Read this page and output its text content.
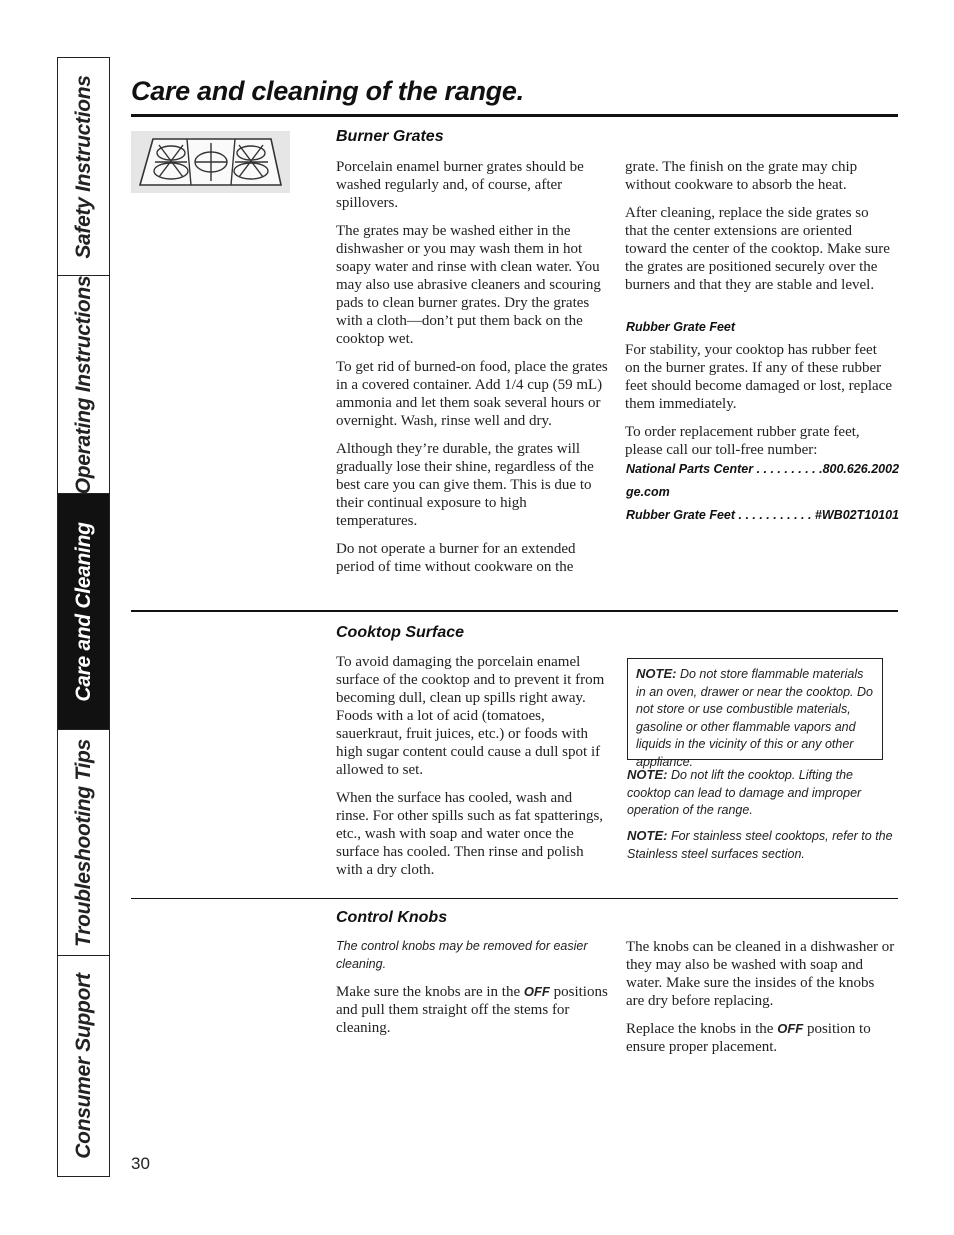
Safety Instructions
Operating Instructions
Care and Cleaning
Troubleshooting Tips
Consumer Support
Care and cleaning of the range.
Burner Grates

Porcelain enamel burner grates should be washed regularly and, of course, after spillovers.

The grates may be washed either in the dishwasher or you may wash them in hot soapy water and rinse with clean water. You may also use abrasive cleaners and scouring pads to clean burner grates. Dry the grates with a cloth—don’t put them back on the cooktop wet.

To get rid of burned-on food, place the grates in a covered container. Add 1/4 cup (59 mL) ammonia and let them soak several hours or overnight. Wash, rinse well and dry.

Although they’re durable, the grates will gradually lose their shine, regardless of the best care you can give them. This is due to their continual exposure to high temperatures.

Do not operate a burner for an extended period of time without cookware on the

grate. The finish on the grate may chip without cookware to absorb the heat.

After cleaning, replace the side grates so that the center extensions are oriented toward the center of the cooktop. Make sure the grates are positioned securely over the burners and that they are stable and level.

Rubber Grate Feet

For stability, your cooktop has rubber feet on the burner grates. If any of these rubber feet should become damaged or lost, replace them immediately.

To order replacement rubber grate feet, please call our toll-free number:

National Parts Center . . . . . . . . . .800.626.2002
ge.com
Rubber Grate Feet . . . . . . . . . . . #WB02T10101
Cooktop Surface

To avoid damaging the porcelain enamel surface of the cooktop and to prevent it from becoming dull, clean up spills right away. Foods with a lot of acid (tomatoes, sauerkraut, fruit juices, etc.) or foods with high sugar content could cause a dull spot if allowed to set.

When the surface has cooled, wash and rinse. For other spills such as fat spatterings, etc., wash with soap and water once the surface has cooled. Then rinse and polish with a dry cloth.

NOTE: Do not store flammable materials in an oven, drawer or near the cooktop. Do not store or use combustible materials, gasoline or other flammable vapors and liquids in the vicinity of this or any other appliance.
NOTE: Do not lift the cooktop. Lifting the cooktop can lead to damage and improper operation of the range.
NOTE: For stainless steel cooktops, refer to the Stainless steel surfaces section.
Control Knobs
The control knobs may be removed for easier cleaning.

Make sure the knobs are in the OFF positions and pull them straight off the stems for cleaning.

The knobs can be cleaned in a dishwasher or they may also be washed with soap and water. Make sure the insides of the knobs are dry before replacing.

Replace the knobs in the OFF position to ensure proper placement.

30
